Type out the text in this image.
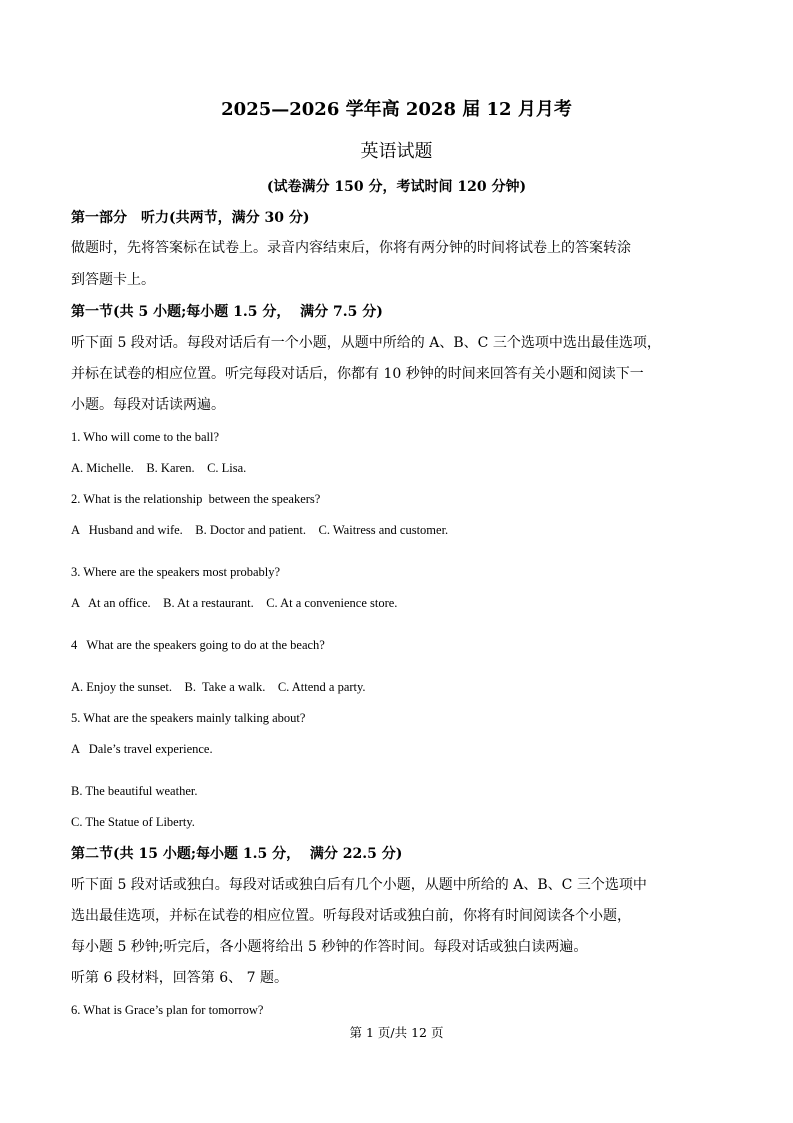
2025—2026 学年高 2028 届 12 月月考
英语试题
(试卷满分 150 分，考试时间 120 分钟)
第一部分　听力(共两节，满分 30 分)
做题时，先将答案标在试卷上。录音内容结束后，你将有两分钟的时间将试卷上的答案转涂
到答题卡上。
第一节(共 5 小题;每小题 1.5 分，  满分 7.5 分)
听下面 5 段对话。每段对话后有一个小题，从题中所给的 A、B、C 三个选项中选出最佳选项，
并标在试卷的相应位置。听完每段对话后，你都有 10 秒钟的时间来回答有关小题和阅读下一
小题。每段对话读两遍。
1. Who will come to the ball?
A. Michelle.    B. Karen.    C. Lisa.
2. What is the relationship  between the speakers?
A   Husband and wife.    B. Doctor and patient.    C. Waitress and customer.
3. Where are the speakers most probably?
A   At an office.    B. At a restaurant.    C. At a convenience store.
4   What are the speakers going to do at the beach?
A. Enjoy the sunset.    B.  Take a walk.    C. Attend a party.
5. What are the speakers mainly talking about?
A   Dale’s travel experience.
B. The beautiful weather.
C. The Statue of Liberty.
第二节(共 15 小题;每小题 1.5 分，  满分 22.5 分)
听下面 5 段对话或独白。每段对话或独白后有几个小题，从题中所给的 A、B、C 三个选项中
选出最佳选项，并标在试卷的相应位置。听每段对话或独白前，你将有时间阅读各个小题，
每小题 5 秒钟;听完后，各小题将给出 5 秒钟的作答时间。每段对话或独白读两遍。
听第 6 段材料，回答第 6、 7 题。
6. What is Grace’s plan for tomorrow?
第 1 页/共 12 页
